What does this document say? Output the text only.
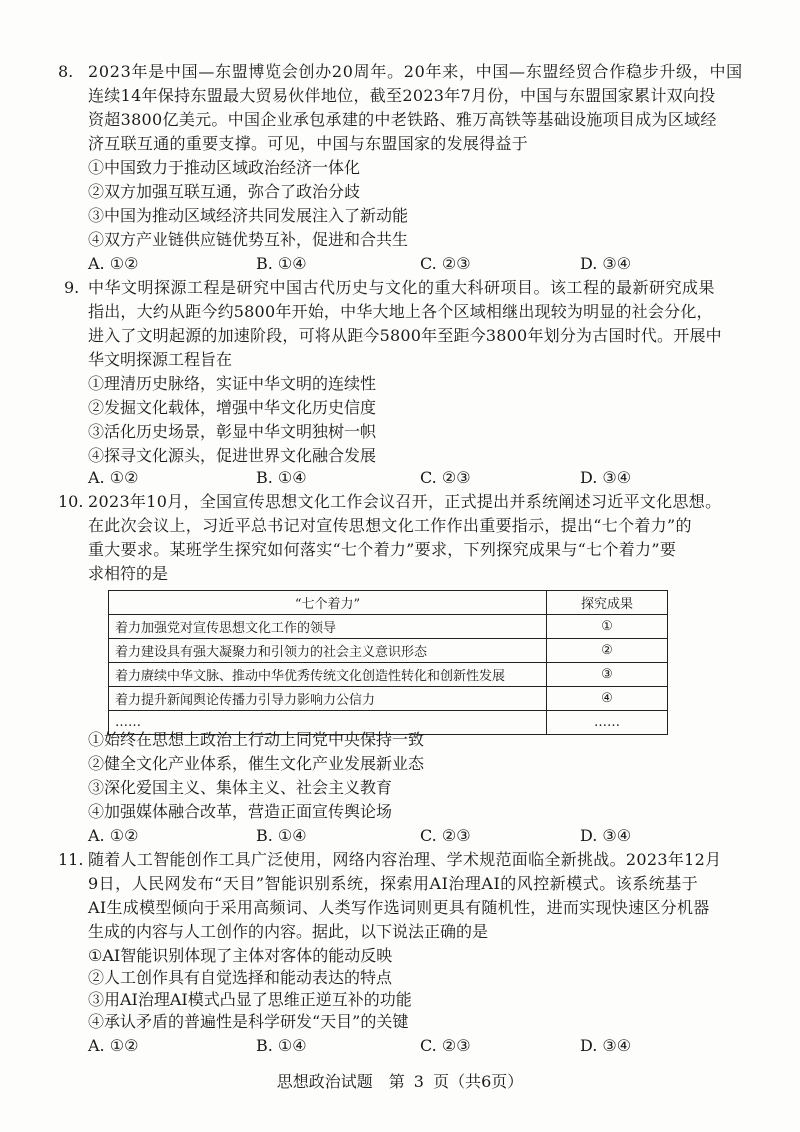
8. 2023年是中国—东盟博览会创办20周年。20年来，中国—东盟经贸合作稳步升级，中国
连续14年保持东盟最大贸易伙伴地位，截至2023年7月份，中国与东盟国家累计双向投
资超3800亿美元。中国企业承包承建的中老铁路、雅万高铁等基础设施项目成为区域经
济互联互通的重要支撑。可见，中国与东盟国家的发展得益于
①中国致力于推动区域政治经济一体化
②双方加强互联互通，弥合了政治分歧
③中国为推动区域经济共同发展注入了新动能
④双方产业链供应链优势互补，促进和合共生
A. ①②	B. ①④	C. ②③	D. ③④
9. 中华文明探源工程是研究中国古代历史与文化的重大科研项目。该工程的最新研究成果
指出，大约从距今约5800年开始，中华大地上各个区域相继出现较为明显的社会分化，
进入了文明起源的加速阶段，可将从距今5800年至距今3800年划分为古国时代。开展中
华文明探源工程旨在
①理清历史脉络，实证中华文明的连续性
②发掘文化载体，增强中华文化历史信度
③活化历史场景，彰显中华文明独树一帜
④探寻文化源头，促进世界文化融合发展
A. ①②	B. ①④	C. ②③	D. ③④
10. 2023年10月，全国宣传思想文化工作会议召开，正式提出并系统阐述习近平文化思想。
在此次会议上，习近平总书记对宣传思想文化工作作出重要指示，提出“七个着力”的
重大要求。某班学生探究如何落实“七个着力”要求，下列探究成果与“七个着力”要
求相符的是
“七个着力”	探究成果
着力加强党对宣传思想文化工作的领导	①
着力建设具有强大凝聚力和引领力的社会主义意识形态	②
着力赓续中华文脉、推动中华优秀传统文化创造性转化和创新性发展	③
着力提升新闻舆论传播力引导力影响力公信力	④
……	……
①始终在思想上政治上行动上同党中央保持一致
②健全文化产业体系，催生文化产业发展新业态
③深化爱国主义、集体主义、社会主义教育
④加强媒体融合改革，营造正面宣传舆论场
A. ①②	B. ①④	C. ②③	D. ③④
11. 随着人工智能创作工具广泛使用，网络内容治理、学术规范面临全新挑战。2023年12月
9日，人民网发布“天目”智能识别系统，探索用AI治理AI的风控新模式。该系统基于
AI生成模型倾向于采用高频词、人类写作选词则更具有随机性，进而实现快速区分机器
生成的内容与人工创作的内容。据此，以下说法正确的是
①AI智能识别体现了主体对客体的能动反映
②人工创作具有自觉选择和能动表达的特点
③用AI治理AI模式凸显了思维正逆互补的功能
④承认矛盾的普遍性是科学研发“天目”的关键
A. ①②	B. ①④	C. ②③	D. ③④
思想政治试题　第 3 页（共6页）
